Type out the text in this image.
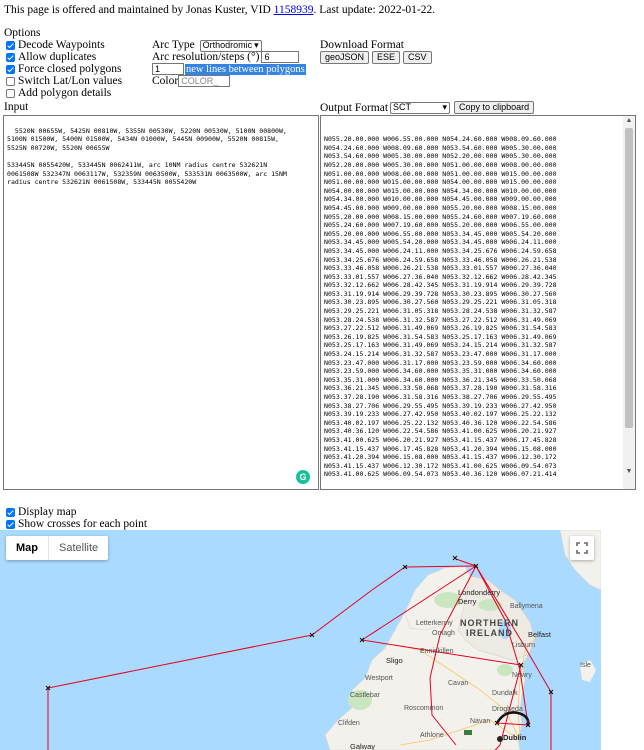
This page is offered and maintained by Jonas Kuster, VID 1158939. Last update: 2022-01-22.
Options
Decode Waypoints
Allow duplicates
Force closed polygons
Switch Lat/Lon values
Add polygon details
Arc Type Orthodromic ▾
Arc resolution/steps (°) 6
1	new lines between polygons
Color COLOR_
Download Format
geoJSON	ESE	CSV
Input

5520N 00655W, 5425N 00810W, 5355N 00530W, 5220N 00530W, 5100N 00800W,
5100N 01500W, 5400N 01500W, 5434N 01000W, 5445N 00900W, 5520N 00815W,
5525N 00720W, 5520N 00655W

533445N 0055420W, 533445N 0062411W, arc 10NM radius centre 532621N
0061508W 532347N 0063117W, 532359N 0063500W, 533531N 0063500W, arc 15NM
radius centre 532621N 0061508W, 533445N 0055420W

G
Output Format SCT	▾	Copy to clipboard

N055.20.00.000 W006.55.00.000 N054.24.60.000 W008.09.60.000
N054.24.60.000 W008.09.60.000 N053.54.60.000 W005.30.00.000
N053.54.60.000 W005.30.00.000 N052.20.00.000 W005.30.00.000
N052.20.00.000 W005.30.00.000 N051.00.00.000 W008.00.00.000
N051.00.00.000 W008.00.00.000 N051.00.00.000 W015.00.00.000
N051.00.00.000 W015.00.00.000 N054.00.00.000 W015.00.00.000
N054.00.00.000 W015.00.00.000 N054.34.00.000 W010.00.00.000
N054.34.00.000 W010.00.00.000 N054.45.00.000 W009.00.00.000
N054.45.00.000 W009.00.00.000 N055.20.00.000 W008.15.00.000
N055.20.00.000 W008.15.00.000 N055.24.60.000 W007.19.60.000
N055.24.60.000 W007.19.60.000 N055.20.00.000 W006.55.00.000
N055.20.00.000 W006.55.00.000 N053.34.45.000 W005.54.20.000
N053.34.45.000 W005.54.20.000 N053.34.45.000 W006.24.11.000
N053.34.45.000 W006.24.11.000 N053.34.25.676 W006.24.59.658
N053.34.25.676 W006.24.59.658 N053.33.46.058 W006.26.21.538
N053.33.46.058 W006.26.21.538 N053.33.01.557 W006.27.36.040
N053.33.01.557 W006.27.36.040 N053.32.12.662 W006.28.42.345
N053.32.12.662 W006.28.42.345 N053.31.19.914 W006.29.39.728
N053.31.19.914 W006.29.39.728 N053.30.23.895 W006.30.27.560
N053.30.23.895 W006.30.27.560 N053.29.25.221 W006.31.05.318
N053.29.25.221 W006.31.05.318 N053.28.24.538 W006.31.32.587
N053.28.24.538 W006.31.32.587 N053.27.22.512 W006.31.49.069
N053.27.22.512 W006.31.49.069 N053.26.19.825 W006.31.54.583
N053.26.19.825 W006.31.54.583 N053.25.17.163 W006.31.49.069
N053.25.17.163 W006.31.49.069 N053.24.15.214 W006.31.32.587
N053.24.15.214 W006.31.32.587 N053.23.47.000 W006.31.17.000
N053.23.47.000 W006.31.17.000 N053.23.59.000 W006.34.60.000
N053.23.59.000 W006.34.60.000 N053.35.31.000 W006.34.60.000
N053.35.31.000 W006.34.60.000 N053.36.21.345 W006.33.50.068
N053.36.21.345 W006.33.50.068 N053.37.28.190 W006.31.58.316
N053.37.28.190 W006.31.58.316 N053.38.27.706 W006.29.55.495
N053.38.27.706 W006.29.55.495 N053.39.19.233 W006.27.42.950
N053.39.19.233 W006.27.42.950 N053.40.02.197 W006.25.22.132
N053.40.02.197 W006.25.22.132 N053.40.36.120 W006.22.54.586
N053.40.36.120 W006.22.54.586 N053.41.00.625 W006.20.21.927
N053.41.00.625 W006.20.21.927 N053.41.15.437 W006.17.45.828
N053.41.15.437 W006.17.45.828 N053.41.20.394 W006.15.08.000
N053.41.20.394 W006.15.08.000 N053.41.15.437 W006.12.30.172
N053.41.15.437 W006.12.30.172 N053.41.00.625 W006.09.54.073
N053.41.00.625 W006.09.54.073 N053.40.36.120 W006.07.21.414

▲
▼
Display map
Show crosses for each point
Letterkenny
Londonderry
Derry
Ballymena
NORTHERN
IRELAND
Omagh	Belfast
Lisburn
Sligo
Enniskillen
Isle
Castlebar
Cavan
Dundalk
Drogheda
Dublin
Galway
Athlone
Clifden
Westport
Roscommon
Navan
Newry
Map	Satellite
